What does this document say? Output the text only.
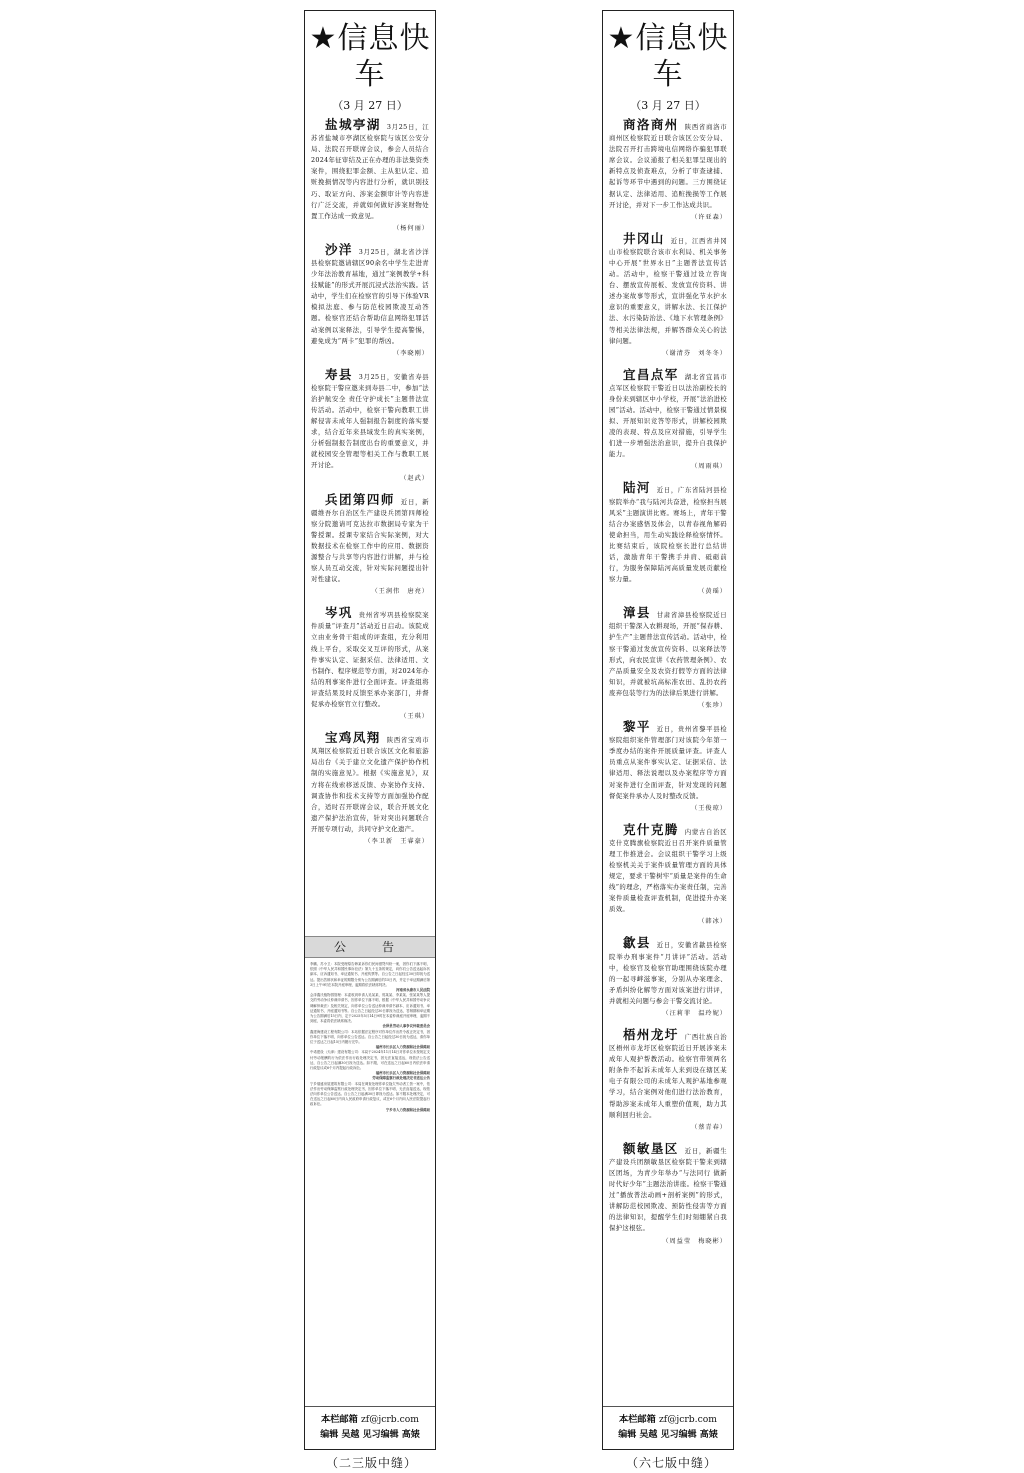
★信息快车
（3 月 27 日）

盐城亭湖 3月25日，江苏省盐城市亭湖区检察院与该区公安分局、法院召开联席会议，参会人员结合2024年征审结及正在办理的非法集资类案件，围绕犯罪金额、主从犯认定、追赃挽损情况等内容进行分析，就识别技巧、取证方向、涉案金额审计等内容进行广泛交流，并就如何做好涉案财物处置工作达成一致意见。

（杨何丽）

沙洋 3月25日，湖北省沙洋县检察院邀请辖区90余名中学生走进青少年法治教育基地，通过“案例教学+科技赋能”的形式开展沉浸式法治实践。活动中，学生们在检察官的引导下体验VR模拟法庭、参与防范校园欺凌互动答题。检察官还结合帮助信息网络犯罪活动案例以案释法，引导学生提高警惕，避免成为“两卡”犯罪的帮凶。

（李晓刚）

寿县 3月25日，安徽省寿县检察院干警应邀来到寿县二中，参加“法治护航安全 责任守护成长”主题普法宣传活动。活动中，检察干警向教职工讲解侵害未成年人强制报告制度的落实要求，结合近年来县域发生的真实案例，分析强制报告制度出台的重要意义，并就校园安全管理等相关工作与教职工展开讨论。

（赵武）

兵团第四师 近日，新疆维吾尔自治区生产建设兵团第四师检察分院邀请可克达拉市数据局专家为干警授课。授课专家结合实际案例，对大数据技术在检察工作中的应用、数据资源整合与共享等内容进行讲解，并与检察人员互动交流，针对实际问题提出针对性建议。

（王润伟　唐亮）

岑巩 贵州省岑巩县检察院案件质量“评查月”活动近日启动。该院成立由业务骨干组成的评查组，充分利用线上平台，采取交叉互评的形式，从案件事实认定、证据采信、法律适用、文书制作、程序规范等方面，对2024年办结的刑事案件进行全面评查。评查组将评查结果及时反馈至承办案部门，并督促承办检察官立行整改。

（王琪）

宝鸡凤翔 陕西省宝鸡市凤翔区检察院近日联合该区文化和旅游局出台《关于建立文化遗产保护协作机制的实施意见》。根据《实施意见》，双方将在线索移送反馈、办案协作支持、调查协作和技术支持等方面加强协作配合，适时召开联席会议，联合开展文化遗产保护法治宣传，针对突出问题联合开展专项行动，共同守护文化遗产。

（李卫新　王睿豪）
公　告
李鹏、苏小卫：本院受理原告韩某诉你们民间借贷纠纷一案，因你们下落不明，依照《中华人民共和国民事诉讼法》第九十五条的规定，向你们公告送达起诉状副本、应诉通知书、举证通知书、开庭传票等。自公告之日起经过30日即视为送达。提出答辩状和举证的期限分别为公告期满后的15日内，并定于举证期满后第3日上午9时在本院开庭审理，逾期将依法缺席判决。
河南省永康市人民法院
会泽鑫氏植物园管理：本委收到申请人吴某某、郭某某、李某某、张某某等人提交的劳动争议仲裁申请书，因你单位下落不明，根据《中华人民共和国劳动争议调解仲裁法》及相关规定，向你单位公告送达仲裁申请书副本、应诉通知书、举证通知书、开庭通知书等。自公告之日起经过30日即视为送达，答辩期和举证期为公告期满后15日内，定于2025年5月14日9时在本委仲裁庭开庭审理，逾期不到庭，本委将依法缺席裁决。
会泽县劳动人事争议仲裁委员会
鑫建海建设工程有限公司：本站依据法定程序对你单位作出责令改正决定书，因你单位下落不明，向你单位公告送达。自公告之日起经过30日视为送达，请你单位于送达之日起15日内履行完毕。
福州市长乐区人力资源和社会保障局
中诺建设（天津）建设有限公司：本局于2024年11月14日对你单位未按规定支付劳动报酬的行为依法作出行政处理决定书，因无法直接送达，现依法公告送达，自公告之日起满30日视为送达。如不服，可在送达之日起60日内依法申请行政复议或6个月内提起行政诉讼。
福州市长乐区人力资源和社会保障局
劳动保障监察行政处理决定书送达公告
宁乡瑞盛房屋建筑有限公司：本局在调查处理你单位拖欠劳动者工资一案中，依法作出劳动保障监察行政处理决定书，因你单位下落不明，无法直接送达，现依法向你单位公告送达。自公告之日起满30日即视为送达。如不服本处理决定，可在送达之日起60日内向人民政府申请行政复议，或在6个月内向人民法院提起行政诉讼。
宁乡市人力资源和社会保障局
本栏邮箱 zf@jcrb.com
编辑 吴越 见习编辑 高婊
（二三版中缝）
★信息快车
（3 月 27 日）

商洛商州 陕西省商洛市商州区检察院近日联合该区公安分局、法院召开打击跨境电信网络诈骗犯罪联席会议。会议通报了相关犯罪呈现出的新特点及侦查难点，分析了审查逮捕、起诉等环节中遇到的问题。三方围绕证据认定、法律适用、追赃挽损等工作展开讨论，并对下一步工作达成共识。

（许亚森）

井冈山 近日，江西省井冈山市检察院联合该市水利局、机关事务中心开展“世界水日”主题普法宣传活动。活动中，检察干警通过设立咨询台、摆放宣传展板、发放宣传资料、讲述办案故事等形式，宣讲强化节水护水意识的重要意义，讲解水法、长江保护法、水污染防治法、《地下水管理条例》等相关法律法规，并解答群众关心的法律问题。

（谢清芬　刘冬冬）

宜昌点军 湖北省宜昌市点军区检察院干警近日以法治副校长的身份来到辖区中小学校，开展“法治进校园”活动。活动中，检察干警通过情景模拟、开展知识竞答等形式，讲解校园欺凌的表现、特点及应对措施，引导学生们进一步增强法治意识，提升自我保护能力。

（周雨琪）

陆河 近日，广东省陆河县检察院举办“我与陆河共奋进，检察担当展风采”主题演讲比赛。赛场上，青年干警结合办案感悟及体会，以青春视角解码使命担当，用生动实践诠释检察情怀。比赛结束后，该院检察长进行总结讲话，激励青年干警携手并肩、砥砺前行，为服务保障陆河高质量发展贡献检察力量。

（黄瑶）

漳县 甘肃省漳县检察院近日组织干警深入农耕现场，开展“保春耕、护生产”主题普法宣传活动。活动中，检察干警通过发放宣传资料、以案释法等形式，向农民宣讲《农药管理条例》、农产品质量安全及农资打假等方面的法律知识，并就被坑高标准农田、乱扔农药废弃包装等行为的法律后果进行讲解。

（张珍）

黎平 近日，贵州省黎平县检察院组织案件管理部门对该院今年第一季度办结的案件开展质量评查。评查人员重点从案件事实认定、证据采信、法律适用、释法说理以及办案程序等方面对案件进行全面评查，针对发现的问题督促案件承办人及时整改反馈。

（王俊琼）

克什克腾 内蒙古自治区克什克腾旗检察院近日召开案件质量管理工作推进会。会议组织干警学习上级检察机关关于案件质量管理方面的具体规定，要求干警树牢“质量是案件的生命线”的理念，严格落实办案责任制，完善案件质量检查评查机制，促进提升办案质效。

（韩冰）

歙县 近日，安徽省歙县检察院举办刑事案件“月讲评”活动。活动中，检察官及检察官助理围绕该院办理的一起寻衅滋事案，分别从办案理念、矛盾纠纷化解等方面对该案进行讲评，并就相关问题与参会干警交流讨论。

（汪莉菲　温玲妮）

梧州龙圩 广西壮族自治区梧州市龙圩区检察院近日开展涉案未成年人观护帮教活动。检察官带领两名附条件不起诉未成年人来到设在辖区某电子有限公司的未成年人观护基地参观学习，结合案例对他们进行法治教育，帮助涉案未成年人重塑价值观，助力其顺利回归社会。

（蔡青春）

额敏垦区 近日，新疆生产建设兵团额敏垦区检察院干警来到辖区团场，为青少年举办“与法同行 做新时代好少年”主题法治讲座。检察干警通过“播放普法动画+剖析案例”的形式，讲解防范校园欺凌、预防性侵害等方面的法律知识，提醒学生们时刻绷紧自我保护这根弦。

（周益莹　梅晓彬）
本栏邮箱 zf@jcrb.com
编辑 吴越 见习编辑 高婊
（六七版中缝）
